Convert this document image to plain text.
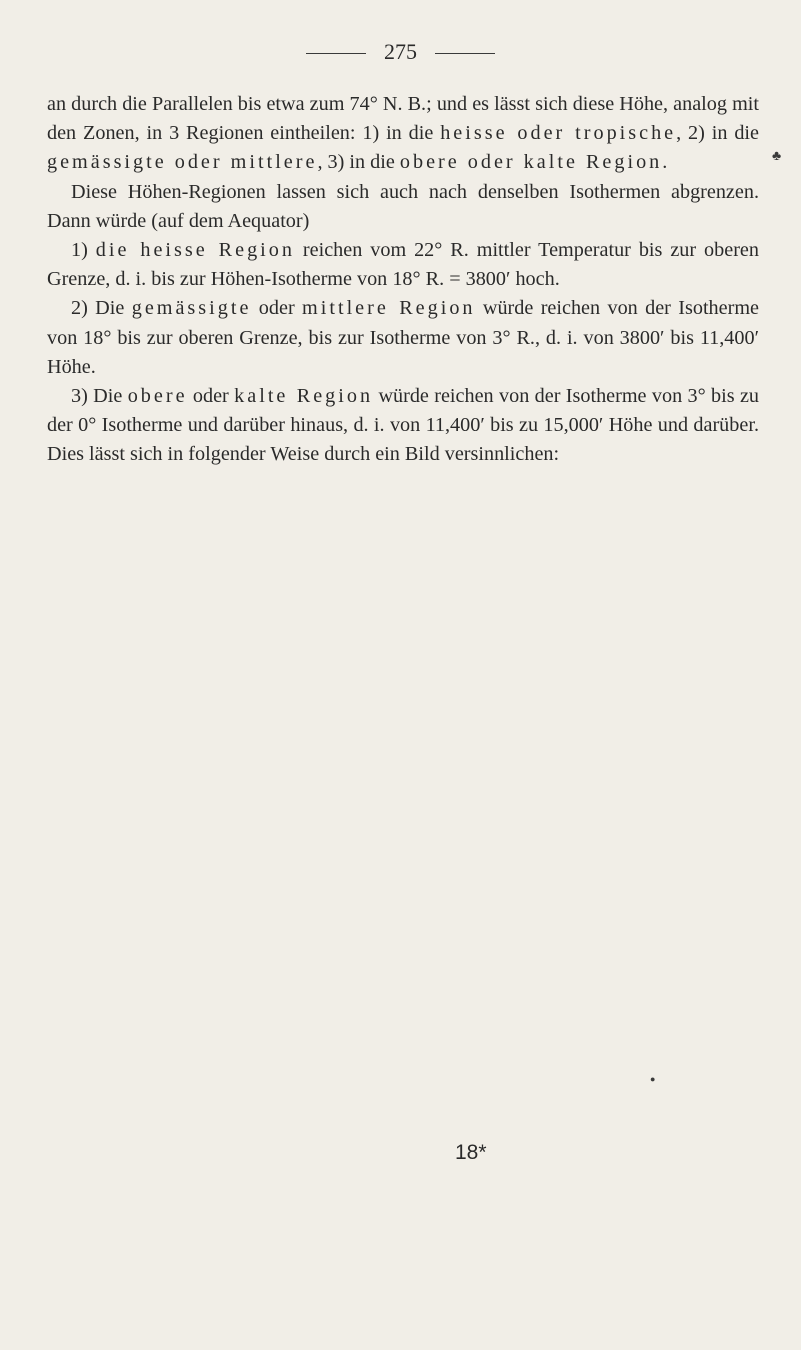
275

an durch die Parallelen bis etwa zum 74° N. B.; und es lässt sich diese Höhe, analog mit den Zonen, in 3 Regionen eintheilen: 1) in die heisse oder tropische, 2) in die gemässigte oder mittlere, 3) in die obere oder kalte Region.

Diese Höhen-Regionen lassen sich auch nach denselben Isothermen abgrenzen. Dann würde (auf dem Aequator)

1) die heisse Region reichen vom 22° R. mittler Temperatur bis zur oberen Grenze, d. i. bis zur Höhen-Isotherme von 18° R. = 3800′ hoch.

2) Die gemässigte oder mittlere Region würde reichen von der Isotherme von 18° bis zur oberen Grenze, bis zur Isotherme von 3° R., d. i. von 3800′ bis 11,400′ Höhe.

3) Die obere oder kalte Region würde reichen von der Isotherme von 3° bis zu der 0° Isotherme und darüber hinaus, d. i. von 11,400′ bis zu 15,000′ Höhe und darüber. Dies lässt sich in folgender Weise durch ein Bild versinnlichen:

18*
♣
●
